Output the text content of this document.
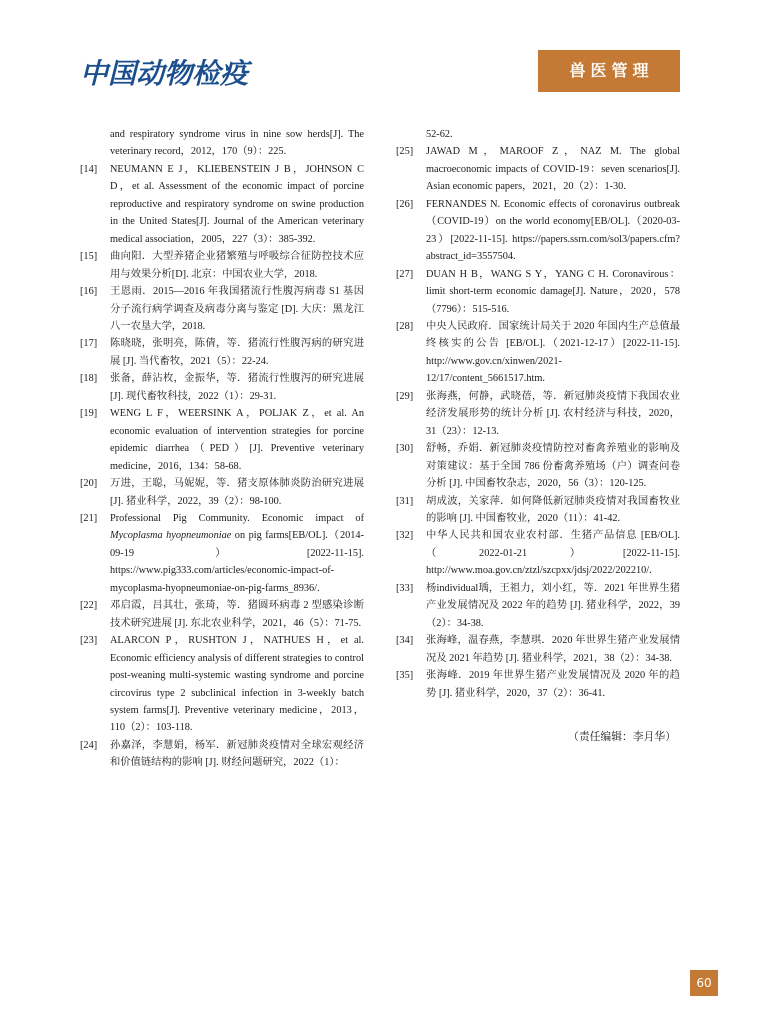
中国动物检疫	兽医管理

and respiratory syndrome virus in nine sow herds[J]. The veterinary record，2012，170（9）：225.

[14]	NEUMANN E J，KLIEBENSTEIN J B，JOHNSON C D，et al. Assessment of the economic impact of porcine reproductive and respiratory syndrome on swine production in the United States[J]. Journal of the American veterinary medical association，2005，227（3）：385-392.

[15]	曲向阳．大型养猪企业猪繁殖与呼吸综合征防控技术应用与效果分析[D]. 北京：中国农业大学，2018.

[16]	王恩雨．2015—2016 年我国猪流行性腹泻病毒 S1 基因分子流行病学调查及病毒分离与鉴定 [D]. 大庆：黑龙江八一农垦大学，2018.

[17]	陈晓晓，张明亮，陈倩，等．猪流行性腹泻病的研究进展 [J]. 当代畜牧，2021（5）：22-24.

[18]	张备，薛沾枚，金振华，等．猪流行性腹泻的研究进展 [J]. 现代畜牧科技，2022（1）：29-31.

[19]	WENG L F，WEERSINK A，POLJAK Z，et al. An economic evaluation of intervention strategies for porcine epidemic diarrhea（PED）[J]. Preventive veterinary medicine，2016，134：58-68.

[20]	万进，王聪，马妮妮，等．猪支原体肺炎防治研究进展 [J]. 猪业科学，2022，39（2）：98-100.

[21]	Professional Pig Community. Economic impact of Mycoplasma hyopneumoniae on pig farms[EB/OL].（2014-09-19）[2022-11-15]. https://www.pig333.com/articles/economic-impact-of-mycoplasma-hyopneumoniae-on-pig-farms_8936/.

[22]	邓启霞，吕其壮，张琦，等．猪圆环病毒 2 型感染诊断技术研究进展 [J]. 东北农业科学，2021，46（5）：71-75.

[23]	ALARCON P，RUSHTON J，NATHUES H，et al. Economic efficiency analysis of different strategies to control post-weaning multi-systemic wasting syndrome and porcine circovirus type 2 subclinical infection in 3-weekly batch system farms[J]. Preventive veterinary medicine，2013，110（2）：103-118.

[24]	孙嘉泽，李慧娟，杨军．新冠肺炎疫情对全球宏观经济和价值链结构的影响 [J]. 财经问题研究，2022（1）：

52-62.

[25]	JAWAD M，MAROOF Z，NAZ M. The global macroeconomic impacts of COVID-19：seven scenarios[J]. Asian economic papers，2021，20（2）：1-30.

[26]	FERNANDES N. Economic effects of coronavirus outbreak（COVID-19）on the world economy[EB/OL].（2020-03-23）[2022-11-15]. https://papers.ssrn.com/sol3/papers.cfm?abstract_id=3557504.

[27]	DUAN H B，WANG S Y，YANG C H. Coronavirous：limit short-term economic damage[J]. Nature，2020，578（7796）：515-516.

[28]	中央人民政府．国家统计局关于 2020 年国内生产总值最终核实的公告 [EB/OL].（2021-12-17）[2022-11-15]. http://www.gov.cn/xinwen/2021-12/17/content_5661517.htm.

[29]	张海燕，何静，武晓蓓，等．新冠肺炎疫情下我国农业经济发展形势的统计分析 [J]. 农村经济与科技，2020，31（23）：12-13.

[30]	舒畅，乔娟．新冠肺炎疫情防控对畜禽养殖业的影响及对策建议：基于全国 786 份畜禽养殖场（户）调查问卷分析 [J]. 中国畜牧杂志，2020，56（3）：120-125.

[31]	胡成波，关家萍．如何降低新冠肺炎疫情对我国畜牧业的影响 [J]. 中国畜牧业，2020（11）：41-42.

[32]	中华人民共和国农业农村部．生猪产品信息 [EB/OL].（2022-01-21）[2022-11-15]. http://www.moa.gov.cn/ztzl/szcpxx/jdsj/2022/202210/.

[33]	杨individual瑀，王祖力，刘小红，等．2021 年世界生猪产业发展情况及 2022 年的趋势 [J]. 猪业科学，2022，39（2）：34-38.

[34]	张海峰，温春燕，李慧琪．2020 年世界生猪产业发展情况及 2021 年趋势 [J]. 猪业科学，2021，38（2）：34-38.

[35]	张海峰．2019 年世界生猪产业发展情况及 2020 年的趋势 [J]. 猪业科学，2020，37（2）：36-41.

（责任编辑：李月华）
60
